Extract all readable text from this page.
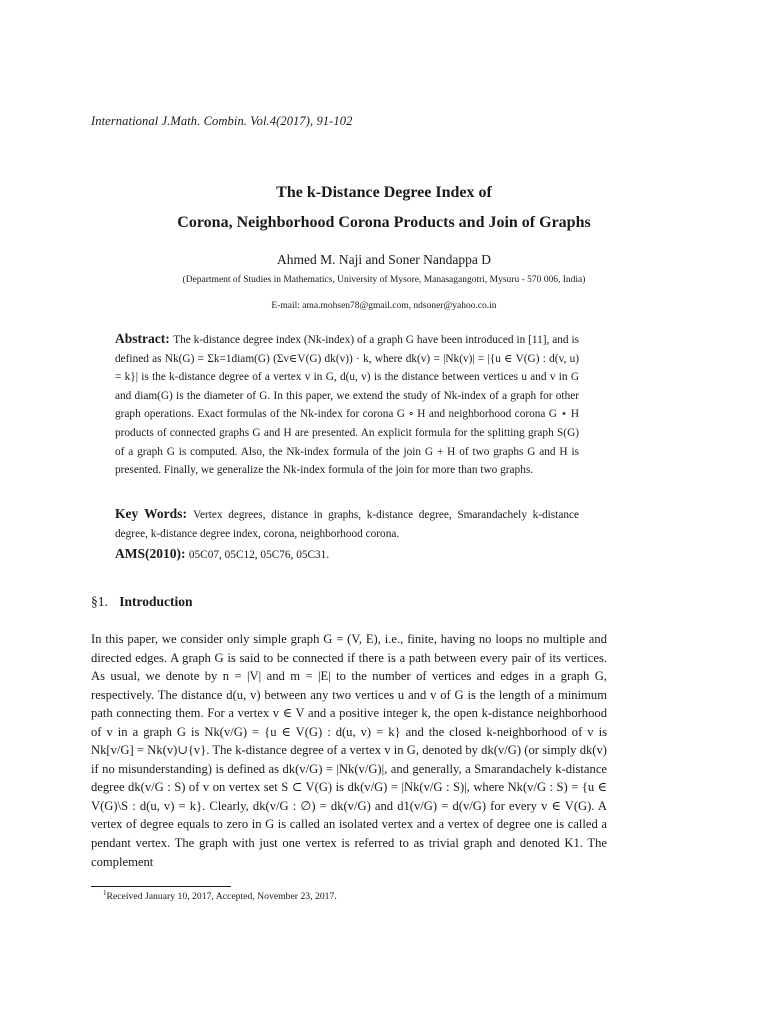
International J.Math. Combin. Vol.4(2017), 91-102
The k-Distance Degree Index of
Corona, Neighborhood Corona Products and Join of Graphs
Ahmed M. Naji and Soner Nandappa D
(Department of Studies in Mathematics, University of Mysore, Manasagangotri, Mysuru - 570 006, India)
E-mail: ama.mohsen78@gmail.com, ndsoner@yahoo.co.in
Abstract: The k-distance degree index (Nk-index) of a graph G have been introduced in [11], and is defined as Nk(G) = Σk=1diam(G) (Σv∈V(G) dk(v)) · k, where dk(v) = |Nk(v)| = |{u ∈ V(G) : d(v, u) = k}| is the k-distance degree of a vertex v in G, d(u, v) is the distance between vertices u and v in G and diam(G) is the diameter of G. In this paper, we extend the study of Nk-index of a graph for other graph operations. Exact formulas of the Nk-index for corona G ∘ H and neighborhood corona G ⋆ H products of connected graphs G and H are presented. An explicit formula for the splitting graph S(G) of a graph G is computed. Also, the Nk-index formula of the join G + H of two graphs G and H is presented. Finally, we generalize the Nk-index formula of the join for more than two graphs.
Key Words: Vertex degrees, distance in graphs, k-distance degree, Smarandachely k-distance degree, k-distance degree index, corona, neighborhood corona.
AMS(2010): 05C07, 05C12, 05C76, 05C31.
§1. Introduction
In this paper, we consider only simple graph G = (V, E), i.e., finite, having no loops no multiple and directed edges. A graph G is said to be connected if there is a path between every pair of its vertices. As usual, we denote by n = |V| and m = |E| to the number of vertices and edges in a graph G, respectively. The distance d(u, v) between any two vertices u and v of G is the length of a minimum path connecting them. For a vertex v ∈ V and a positive integer k, the open k-distance neighborhood of v in a graph G is Nk(v/G) = {u ∈ V(G) : d(u, v) = k} and the closed k-neighborhood of v is Nk[v/G] = Nk(v)∪{v}. The k-distance degree of a vertex v in G, denoted by dk(v/G) (or simply dk(v) if no misunderstanding) is defined as dk(v/G) = |Nk(v/G)|, and generally, a Smarandachely k-distance degree dk(v/G : S) of v on vertex set S ⊂ V(G) is dk(v/G) = |Nk(v/G : S)|, where Nk(v/G : S) = {u ∈ V(G)\S : d(u, v) = k}. Clearly, dk(v/G : ∅) = dk(v/G) and d1(v/G) = d(v/G) for every v ∈ V(G). A vertex of degree equals to zero in G is called an isolated vertex and a vertex of degree one is called a pendant vertex. The graph with just one vertex is referred to as trivial graph and denoted K1. The complement
$^1$Received January 10, 2017, Accepted, November 23, 2017.
